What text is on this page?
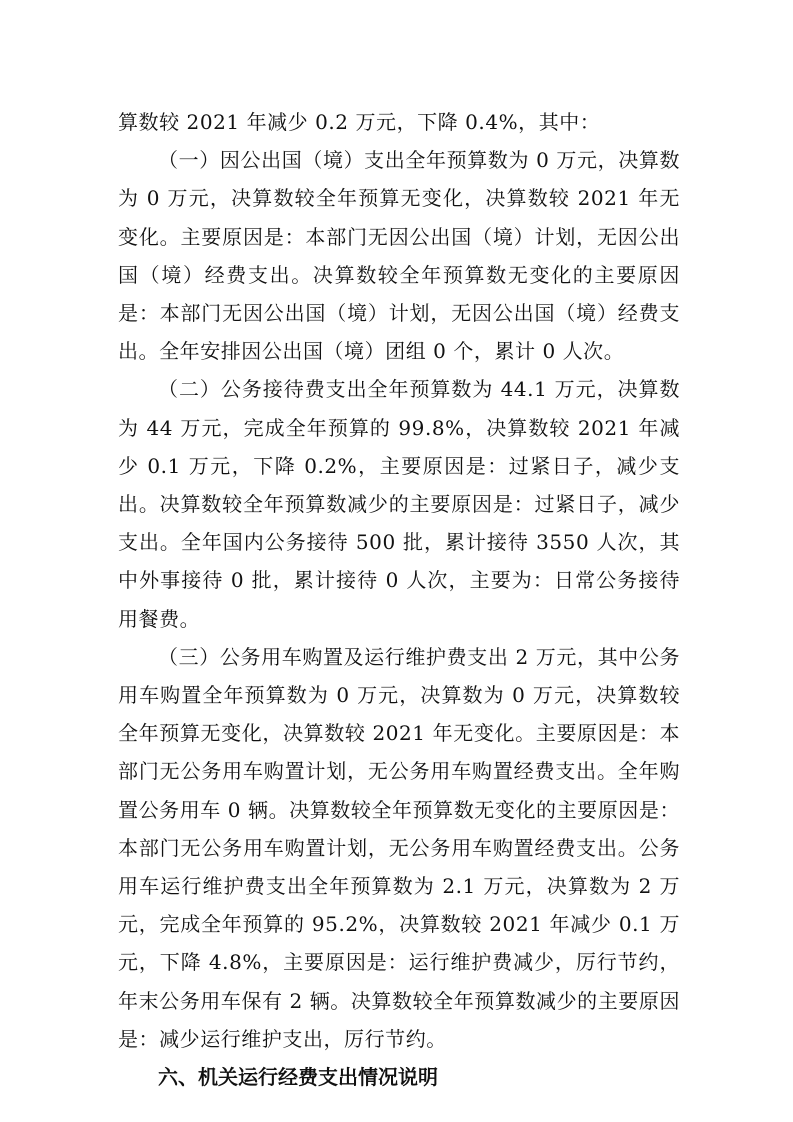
算数较 2021 年减少 0.2 万元，下降 0.4%，其中：

（一）因公出国（境）支出全年预算数为 0 万元，决算数为 0 万元，决算数较全年预算无变化，决算数较 2021 年无变化。主要原因是：本部门无因公出国（境）计划，无因公出国（境）经费支出。决算数较全年预算数无变化的主要原因是：本部门无因公出国（境）计划，无因公出国（境）经费支出。全年安排因公出国（境）团组 0 个，累计 0 人次。

（二）公务接待费支出全年预算数为 44.1 万元，决算数为 44 万元，完成全年预算的 99.8%，决算数较 2021 年减少 0.1 万元，下降 0.2%，主要原因是：过紧日子，减少支出。决算数较全年预算数减少的主要原因是：过紧日子，减少支出。全年国内公务接待 500 批，累计接待 3550 人次，其中外事接待 0 批，累计接待 0 人次，主要为：日常公务接待用餐费。

（三）公务用车购置及运行维护费支出 2 万元，其中公务用车购置全年预算数为 0 万元，决算数为 0 万元，决算数较全年预算无变化，决算数较 2021 年无变化。主要原因是：本部门无公务用车购置计划，无公务用车购置经费支出。全年购置公务用车 0 辆。决算数较全年预算数无变化的主要原因是：本部门无公务用车购置计划，无公务用车购置经费支出。公务用车运行维护费支出全年预算数为 2.1 万元，决算数为 2 万元，完成全年预算的 95.2%，决算数较 2021 年减少 0.1 万元，下降 4.8%，主要原因是：运行维护费减少，厉行节约，年末公务用车保有 2 辆。决算数较全年预算数减少的主要原因是：减少运行维护支出，厉行节约。

六、机关运行经费支出情况说明
